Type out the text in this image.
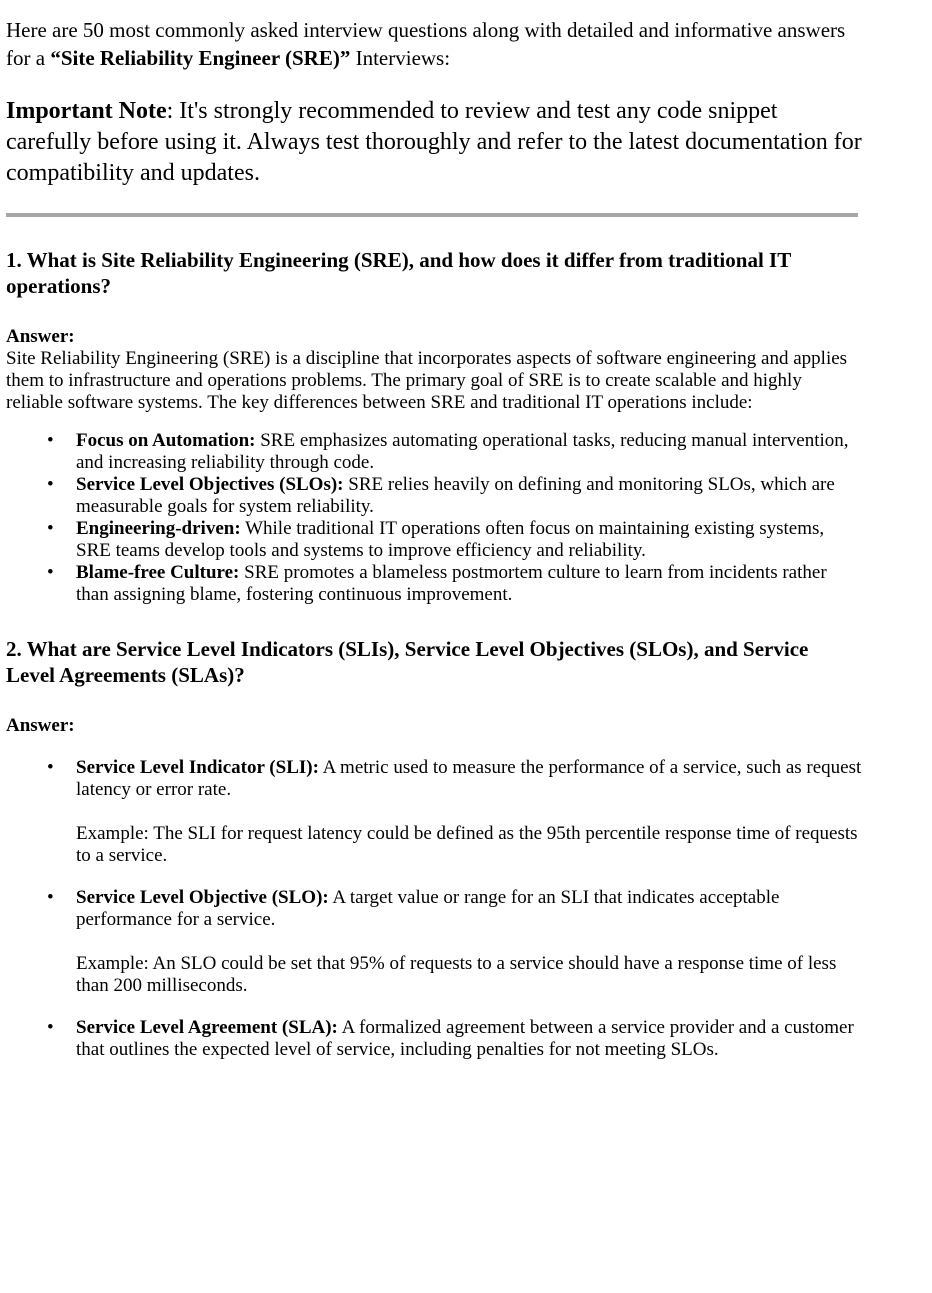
Here are 50 most commonly asked interview questions along with detailed and informative answers for a “Site Reliability Engineer (SRE)” Interviews:

Important Note: It's strongly recommended to review and test any code snippet carefully before using it. Always test thoroughly and refer to the latest documentation for compatibility and updates.

1. What is Site Reliability Engineering (SRE), and how does it differ from traditional IT operations?

Answer:

Site Reliability Engineering (SRE) is a discipline that incorporates aspects of software engineering and applies them to infrastructure and operations problems. The primary goal of SRE is to create scalable and highly reliable software systems. The key differences between SRE and traditional IT operations include:

• Focus on Automation: SRE emphasizes automating operational tasks, reducing manual intervention, and increasing reliability through code.
• Service Level Objectives (SLOs): SRE relies heavily on defining and monitoring SLOs, which are measurable goals for system reliability.
• Engineering-driven: While traditional IT operations often focus on maintaining existing systems, SRE teams develop tools and systems to improve efficiency and reliability.
• Blame-free Culture: SRE promotes a blameless postmortem culture to learn from incidents rather than assigning blame, fostering continuous improvement.
2. What are Service Level Indicators (SLIs), Service Level Objectives (SLOs), and Service Level Agreements (SLAs)?

Answer:

• Service Level Indicator (SLI): A metric used to measure the performance of a service, such as request latency or error rate.

Example: The SLI for request latency could be defined as the 95th percentile response time of requests to a service.

• Service Level Objective (SLO): A target value or range for an SLI that indicates acceptable performance for a service.

Example: An SLO could be set that 95% of requests to a service should have a response time of less than 200 milliseconds.

• Service Level Agreement (SLA): A formalized agreement between a service provider and a customer that outlines the expected level of service, including penalties for not meeting SLOs.
